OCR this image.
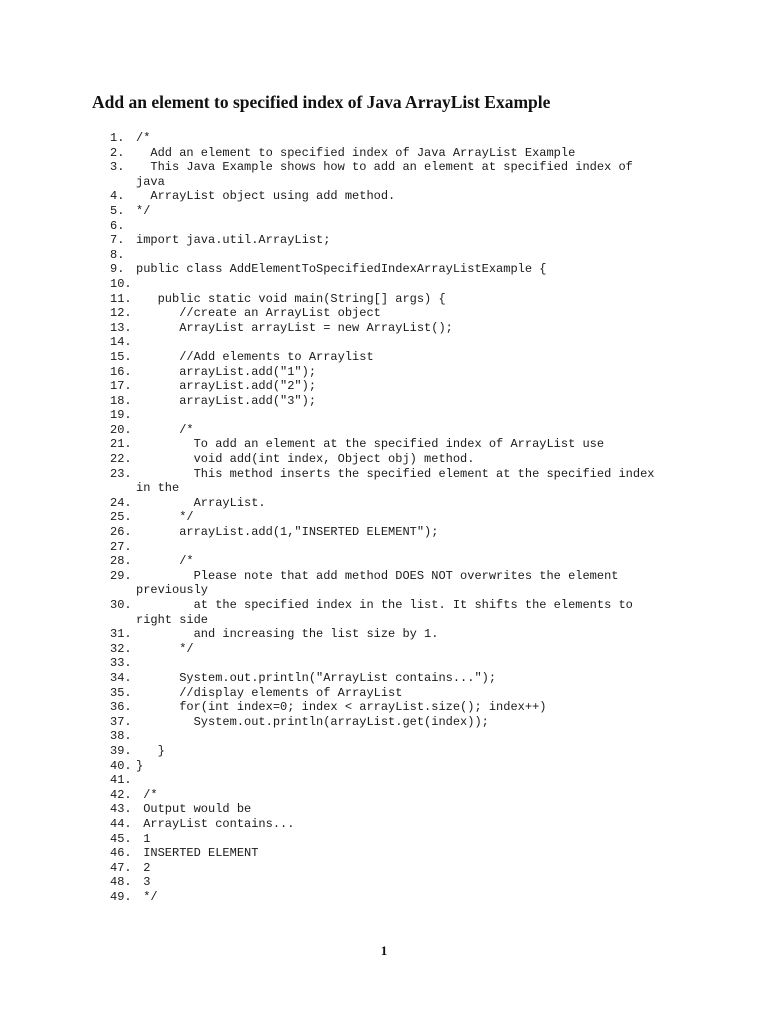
Add an element to specified index of Java ArrayList Example
1. /*
2. Add an element to specified index of Java ArrayList Example
3. This Java Example shows how to add an element at specified index of
java
4. ArrayList object using add method.
5. */
6.
7. import java.util.ArrayList;
8.
9. public class AddElementToSpecifiedIndexArrayListExample {
10.
11. public static void main(String[] args) {
12. //create an ArrayList object
13. ArrayList arrayList = new ArrayList();
14.
15. //Add elements to Arraylist
16. arrayList.add("1");
17. arrayList.add("2");
18. arrayList.add("3");
19.
20. /*
21. To add an element at the specified index of ArrayList use
22. void add(int index, Object obj) method.
23. This method inserts the specified element at the specified index
in the
24. ArrayList.
25. */
26. arrayList.add(1,"INSERTED ELEMENT");
27.
28. /*
29. Please note that add method DOES NOT overwrites the element
previously
30. at the specified index in the list. It shifts the elements to
right side
31. and increasing the list size by 1.
32. */
33.
34. System.out.println("ArrayList contains...");
35. //display elements of ArrayList
36. for(int index=0; index < arrayList.size(); index++)
37. System.out.println(arrayList.get(index));
38.
39. }
40. }
41.
42. /*
43. Output would be
44. ArrayList contains...
45. 1
46. INSERTED ELEMENT
47. 2
48. 3
49. */
1
